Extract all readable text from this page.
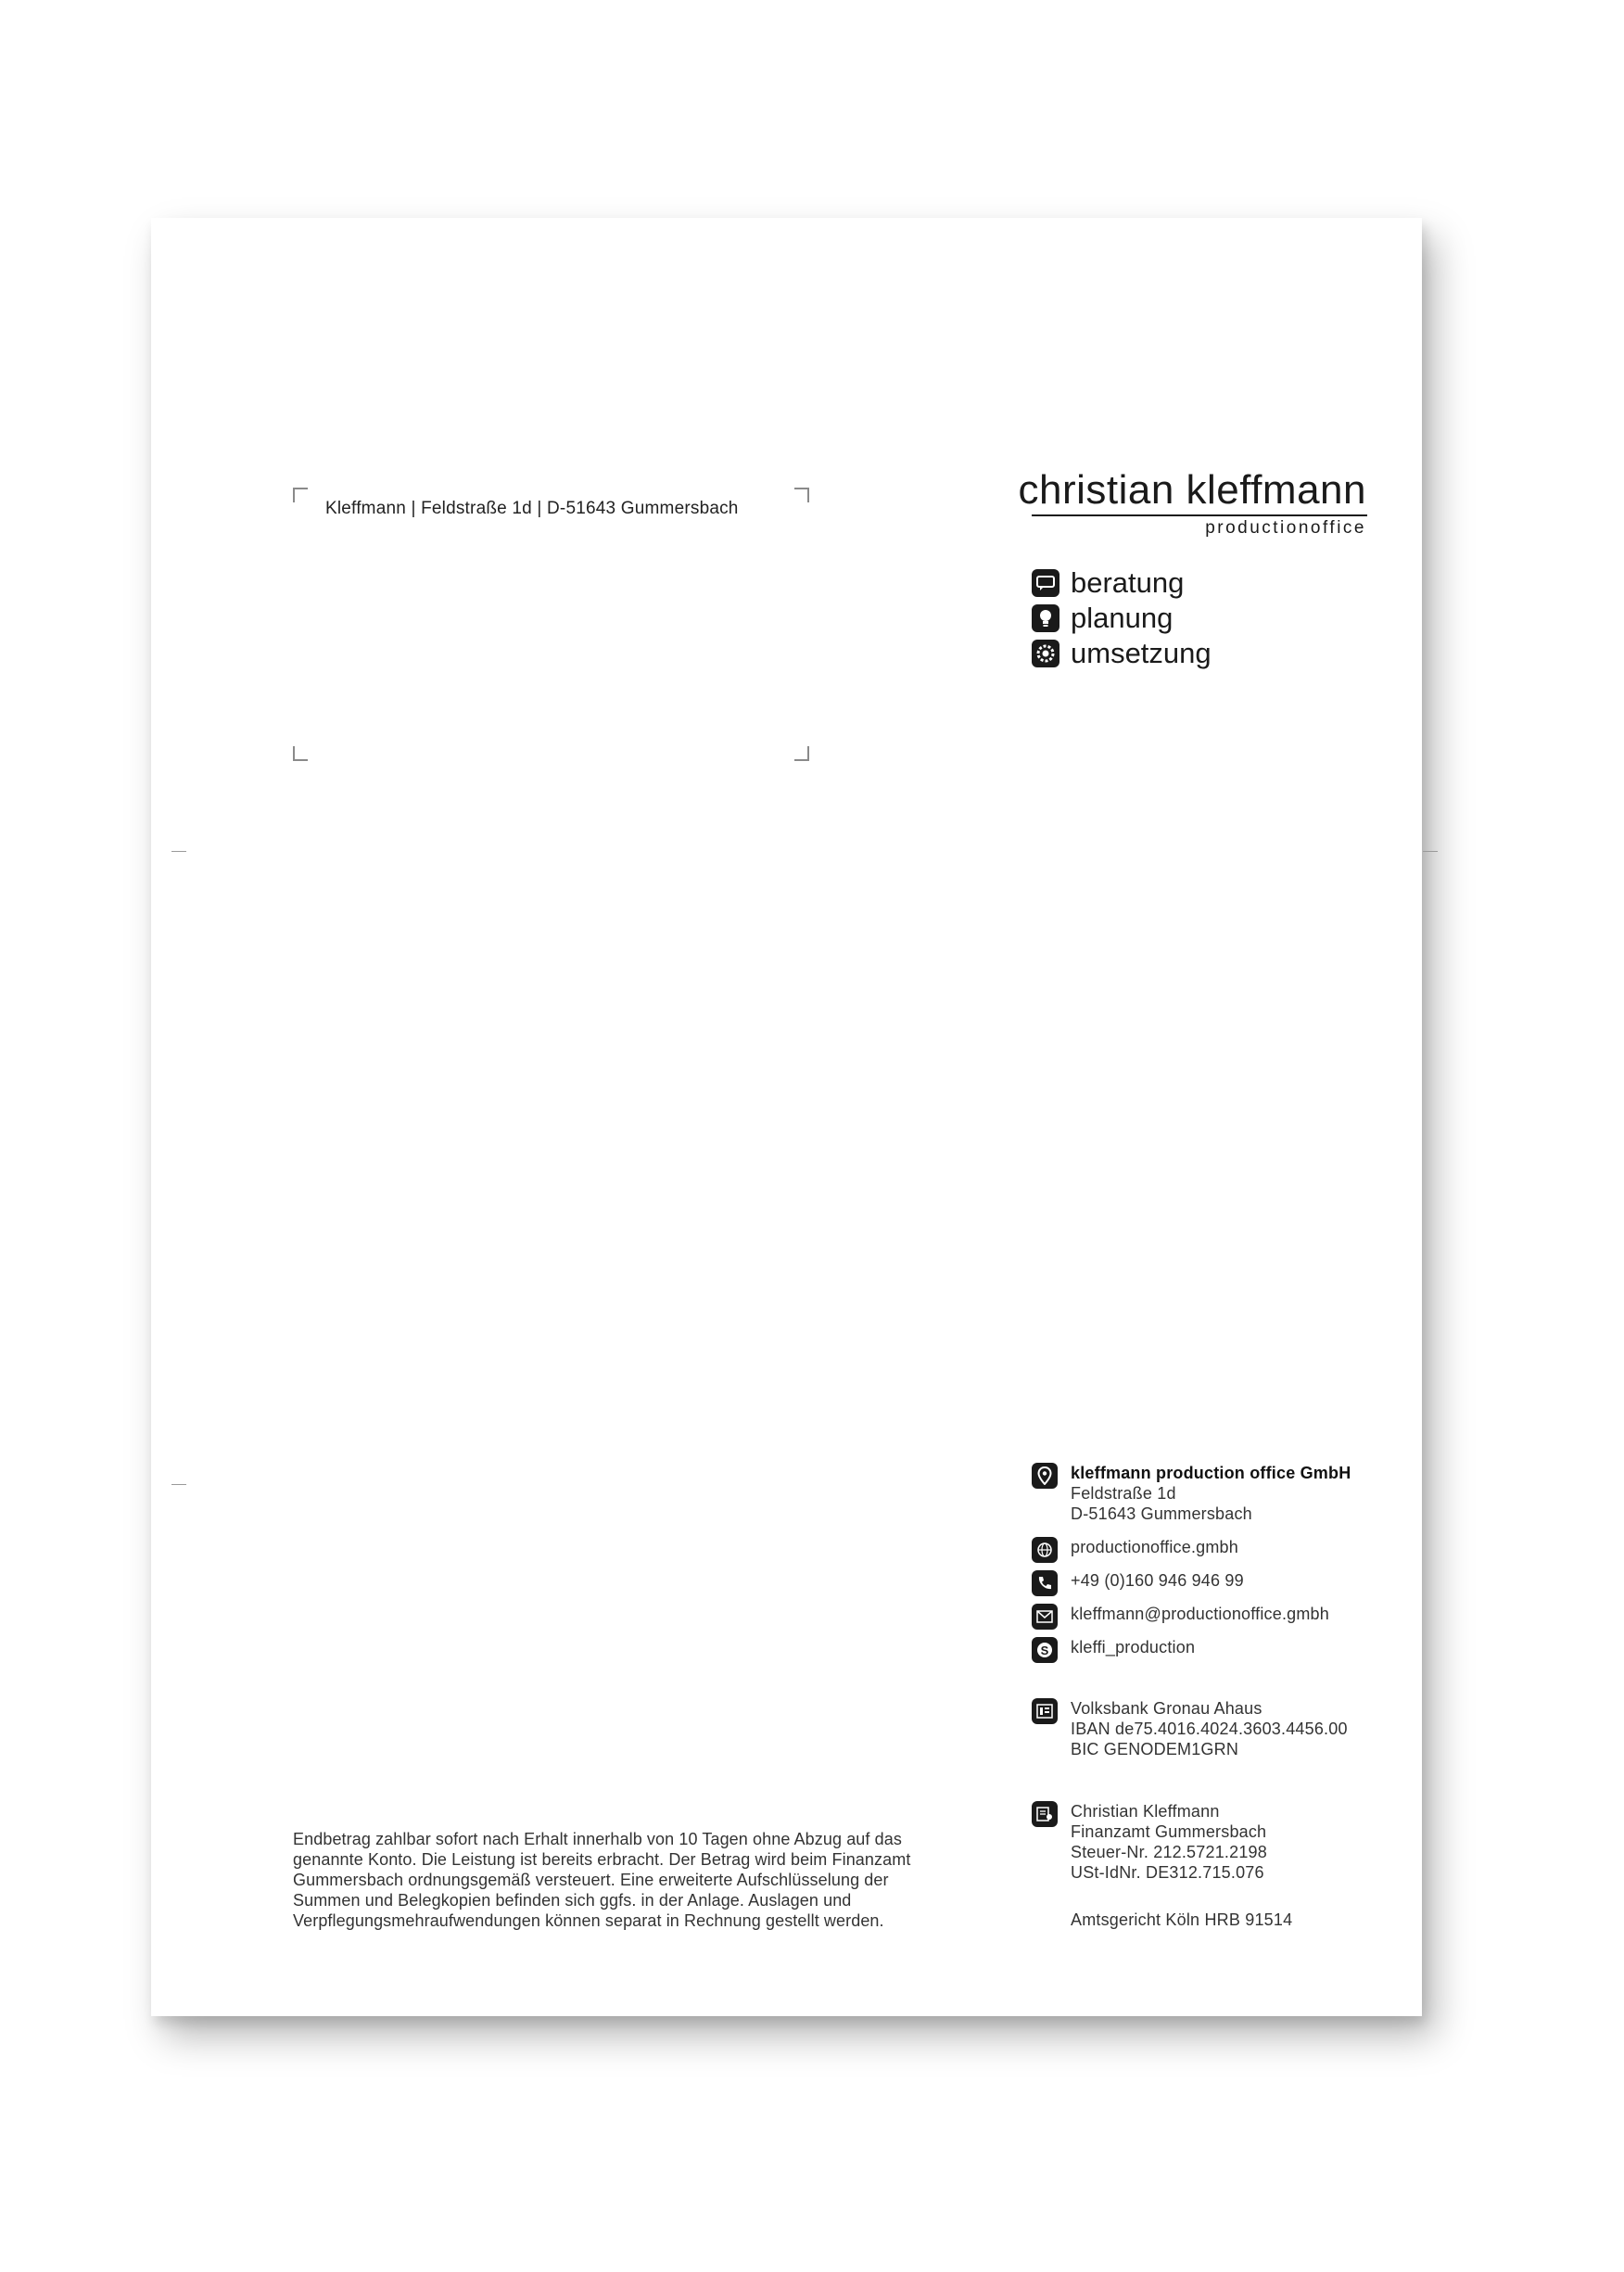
Kleffmann | Feldstraße 1d | D-51643 Gummersbach	christian kleffmann
productionoffice
beratung
planung
umsetzung
kleffmann production office GmbH
Feldstraße 1d
D-51643 Gummersbach
productionoffice.gmbh
+49 (0)160 946 946 99
kleffmann@productionoffice.gmbh
S kleffi_production
Volksbank Gronau Ahaus
IBAN de75.4016.4024.3603.4456.00
BIC GENODEM1GRN
Christian Kleffmann
Finanzamt Gummersbach
Steuer-Nr. 212.5721.2198
USt-IdNr. DE312.715.076
Amtsgericht Köln HRB 91514
Endbetrag zahlbar sofort nach Erhalt innerhalb von 10 Tagen ohne Abzug auf das
genannte Konto. Die Leistung ist bereits erbracht. Der Betrag wird beim Finanzamt
Gummersbach ordnungsgemäß versteuert. Eine erweiterte Aufschlüsselung der
Summen und Belegkopien befinden sich ggfs. in der Anlage. Auslagen und
Verpflegungsmehraufwendungen können separat in Rechnung gestellt werden.
